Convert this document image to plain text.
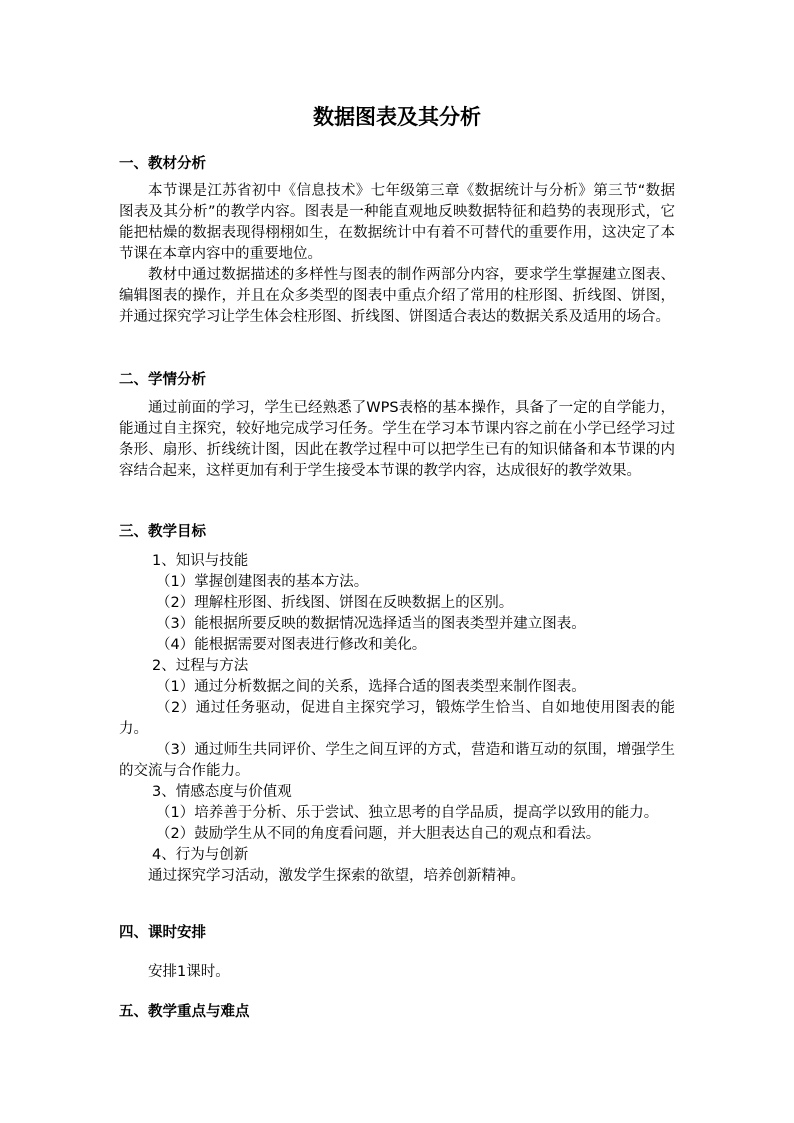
数据图表及其分析
一、教材分析

本节课是江苏省初中《信息技术》七年级第三章《数据统计与分析》第三节“数据图表及其分析”的教学内容。图表是一种能直观地反映数据特征和趋势的表现形式，它能把枯燥的数据表现得栩栩如生，在数据统计中有着不可替代的重要作用，这决定了本节课在本章内容中的重要地位。

教材中通过数据描述的多样性与图表的制作两部分内容，要求学生掌握建立图表、编辑图表的操作，并且在众多类型的图表中重点介绍了常用的柱形图、折线图、饼图，并通过探究学习让学生体会柱形图、折线图、饼图适合表达的数据关系及适用的场合。

二、学情分析

通过前面的学习，学生已经熟悉了WPS表格的基本操作，具备了一定的自学能力，能通过自主探究，较好地完成学习任务。学生在学习本节课内容之前在小学已经学习过条形、扇形、折线统计图，因此在教学过程中可以把学生已有的知识储备和本节课的内容结合起来，这样更加有利于学生接受本节课的教学内容，达成很好的教学效果。

三、教学目标

1、知识与技能

（1）掌握创建图表的基本方法。

（2）理解柱形图、折线图、饼图在反映数据上的区别。

（3）能根据所要反映的数据情况选择适当的图表类型并建立图表。

（4）能根据需要对图表进行修改和美化。

2、过程与方法

（1）通过分析数据之间的关系，选择合适的图表类型来制作图表。

（2）通过任务驱动，促进自主探究学习，锻炼学生恰当、自如地使用图表的能力。

（3）通过师生共同评价、学生之间互评的方式，营造和谐互动的氛围，增强学生的交流与合作能力。

3、情感态度与价值观

（1）培养善于分析、乐于尝试、独立思考的自学品质，提高学以致用的能力。

（2）鼓励学生从不同的角度看问题，并大胆表达自己的观点和看法。

4、行为与创新

通过探究学习活动，激发学生探索的欲望，培养创新精神。

四、课时安排

安排1课时。

五、教学重点与难点
